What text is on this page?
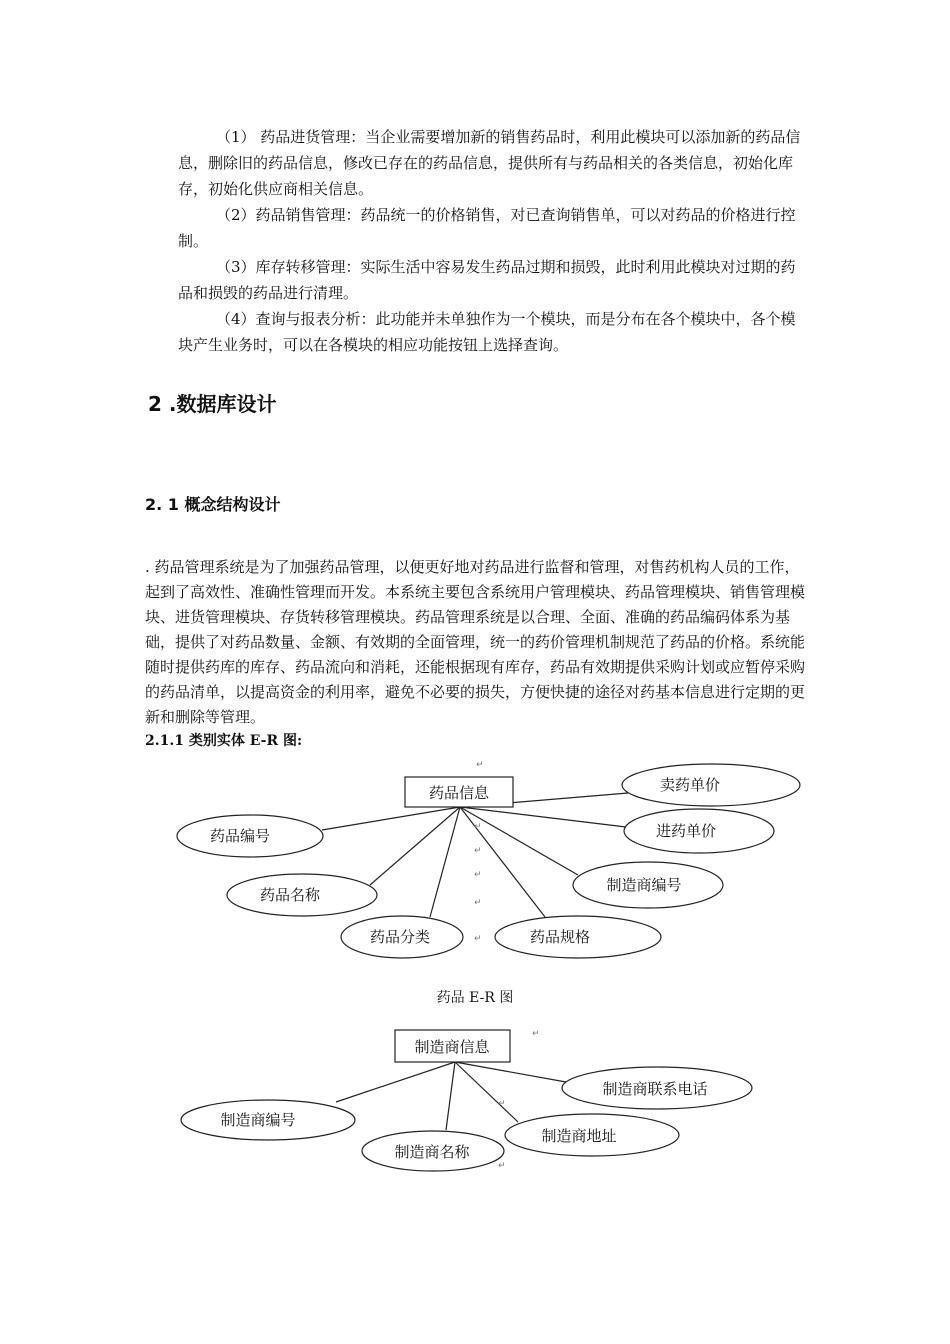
（1） 药品进货管理：当企业需要增加新的销售药品时，利用此模块可以添加新的药品信息，删除旧的药品信息，修改已存在的药品信息，提供所有与药品相关的各类信息，初始化库存，初始化供应商相关信息。

（2）药品销售管理：药品统一的价格销售，对已查询销售单，可以对药品的价格进行控制。

（3）库存转移管理：实际生活中容易发生药品过期和损毁，此时利用此模块对过期的药品和损毁的药品进行清理。

（4）查询与报表分析：此功能并未单独作为一个模块，而是分布在各个模块中，各个模块产生业务时，可以在各模块的相应功能按钮上选择查询。

2 .数据库设计
2. 1 概念结构设计

. 药品管理系统是为了加强药品管理，以便更好地对药品进行监督和管理，对售药机构人员的工作，起到了高效性、准确性管理而开发。本系统主要包含系统用户管理模块、药品管理模块、销售管理模块、进货管理模块、存货转移管理模块。药品管理系统是以合理、全面、准确的药品编码体系为基础，提供了对药品数量、金额、有效期的全面管理，统一的药价管理机制规范了药品的价格。系统能随时提供药库的库存、药品流向和消耗，还能根据现有库存，药品有效期提供采购计划或应暂停采购的药品清单，以提高资金的利用率，避免不必要的损失，方便快捷的途径对药基本信息进行定期的更新和删除等管理。

2.1.1 类别实体 E-R 图:
药品信息	卖药单价
进药单价
药品编号
制造商编号
药品名称
药品分类	药品规格
↵
↵
↵
↵
↵
↵
药品 E-R 图
制造商信息
制造商联系电话
制造商编号
制造商地址
制造商名称
↵
↵
↵
